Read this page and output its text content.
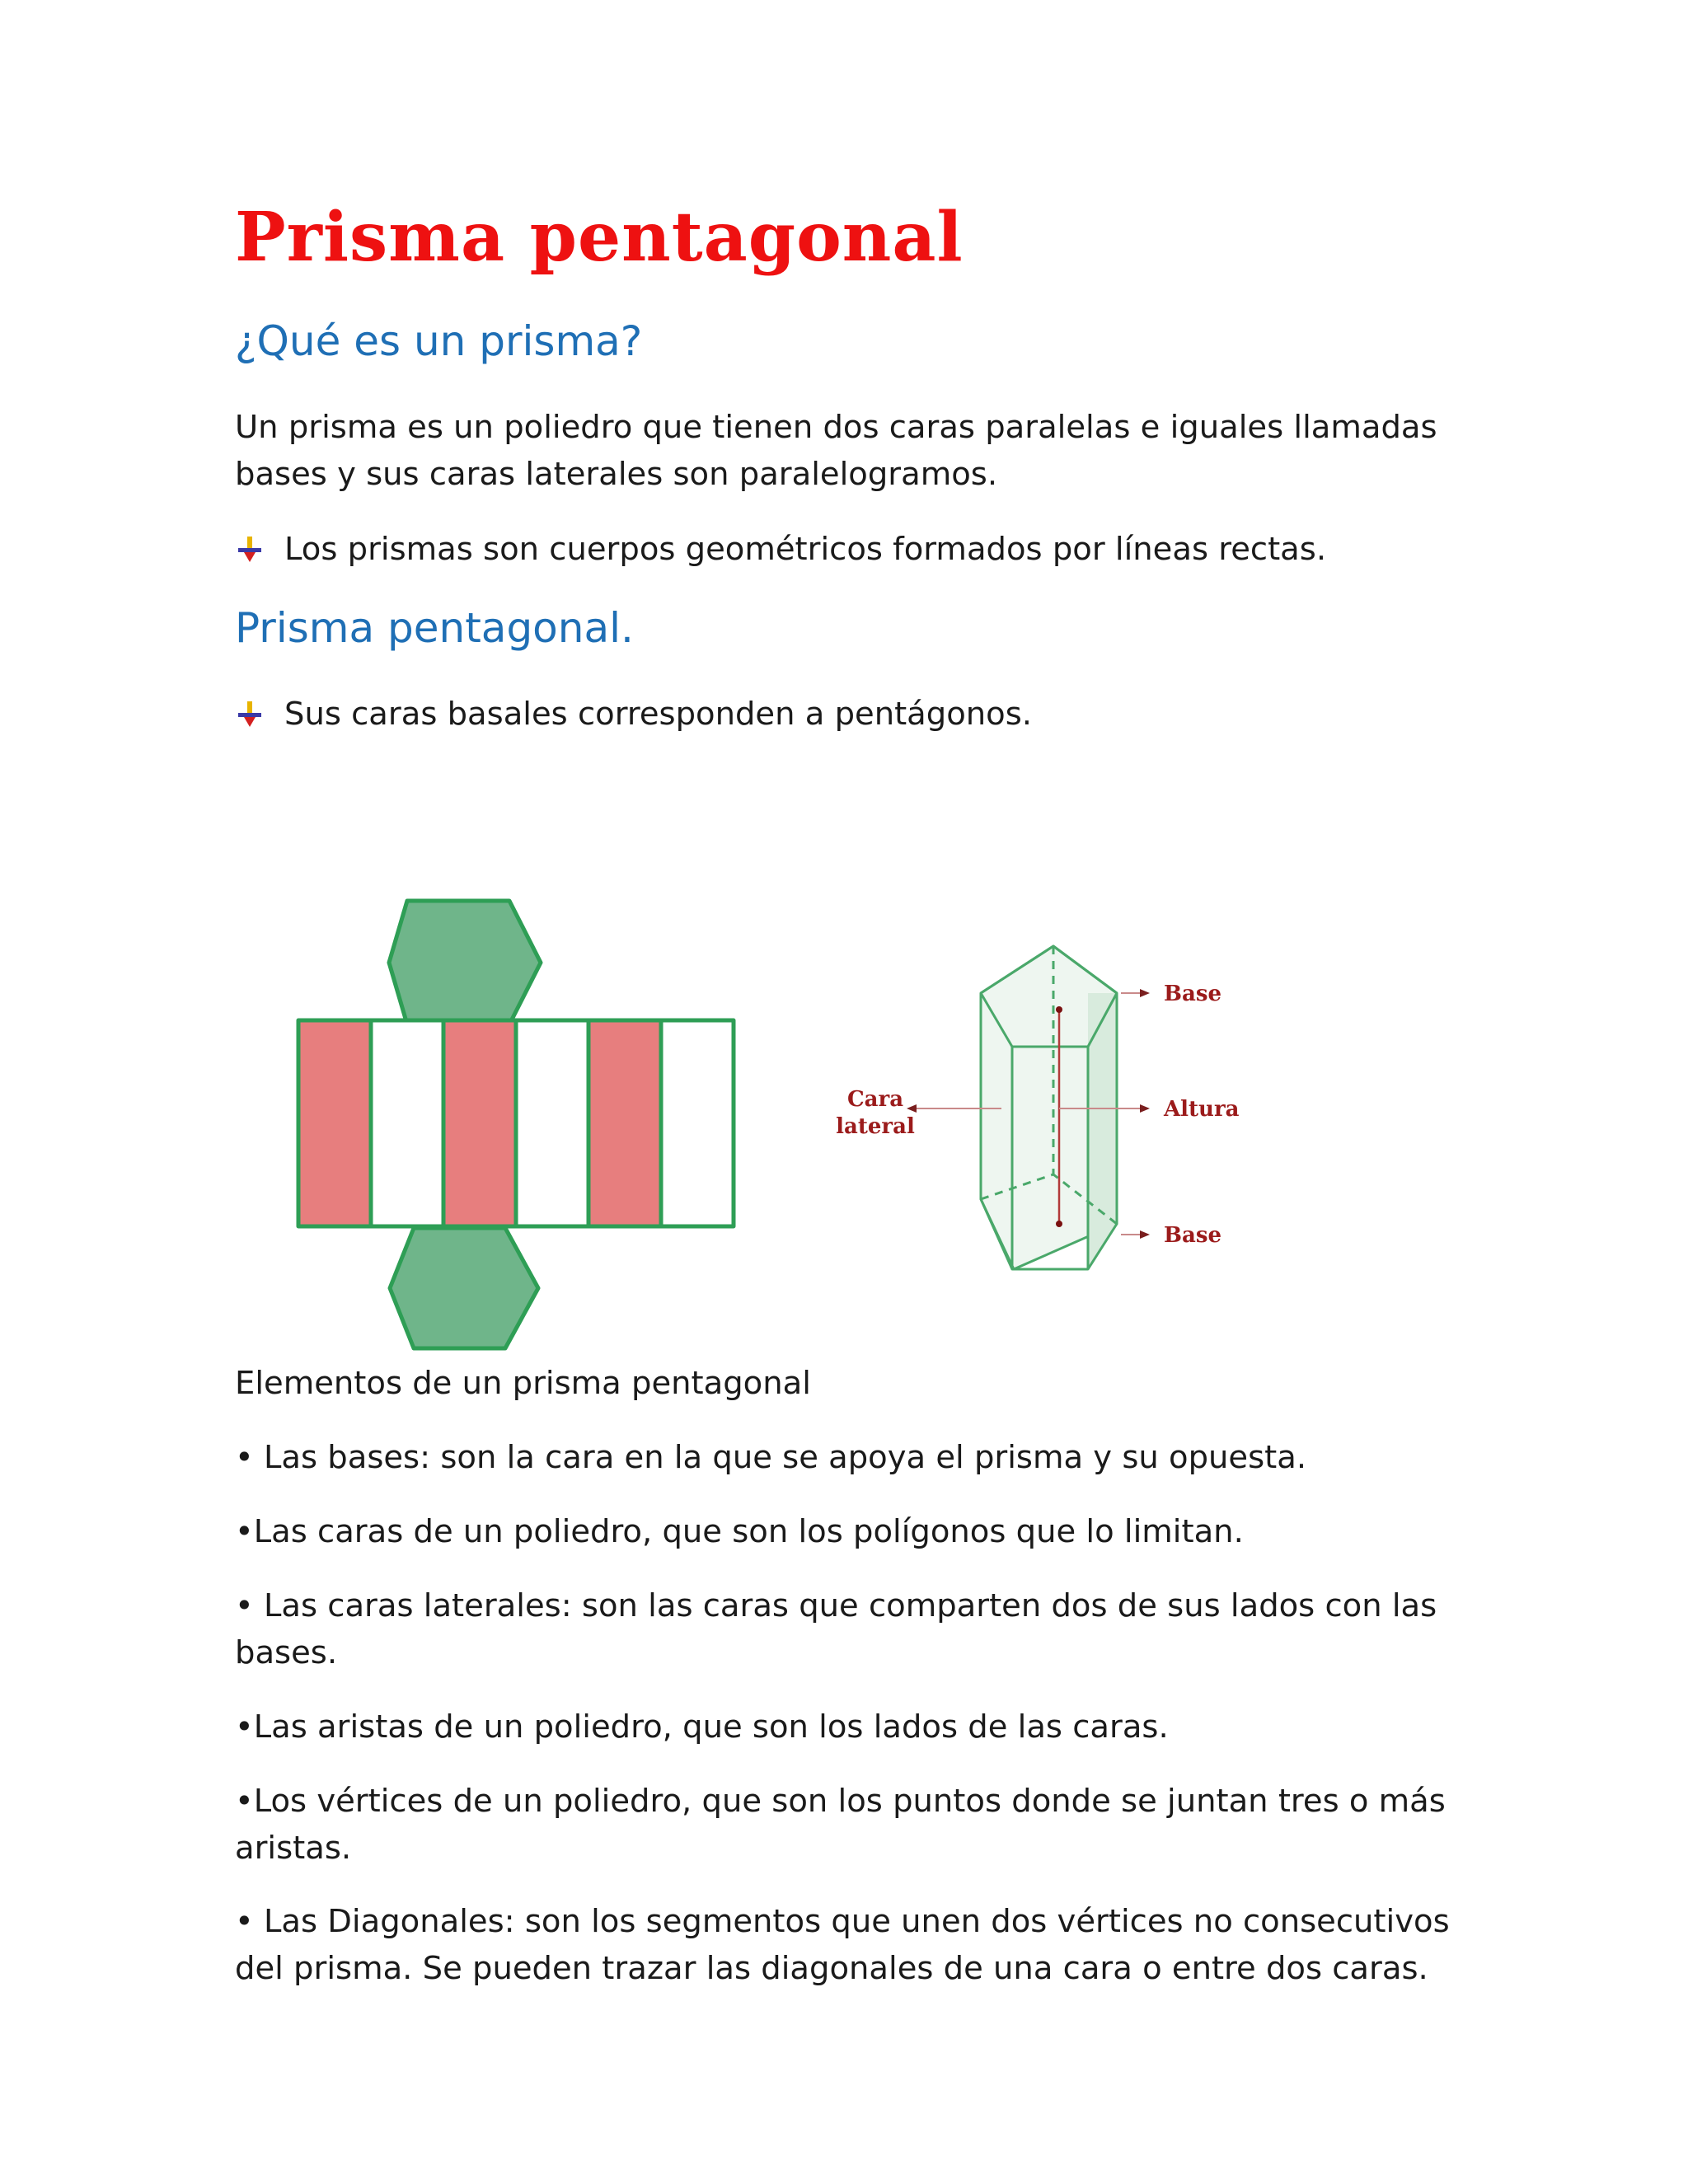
Prisma pentagonal
¿Qué es un prisma?

Un prisma es un poliedro que tienen dos caras paralelas e iguales llamadas bases y sus caras laterales son paralelogramos.

Los prismas son cuerpos geométricos formados por líneas rectas.
Prisma pentagonal.
Sus caras basales corresponden a pentágonos.
Base
Altura
Base
Cara
lateral

Elementos de un prisma pentagonal

• Las bases: son la cara en la que se apoya el prisma y su opuesta.

•Las caras de un poliedro, que son los polígonos que lo limitan.

• Las caras laterales: son las caras que comparten dos de sus lados con las bases.

•Las aristas de un poliedro, que son los lados de las caras.

•Los vértices de un poliedro, que son los puntos donde se juntan tres o más aristas.

• Las Diagonales: son los segmentos que unen dos vértices no consecutivos del prisma. Se pueden trazar las diagonales de una cara o entre dos caras.
